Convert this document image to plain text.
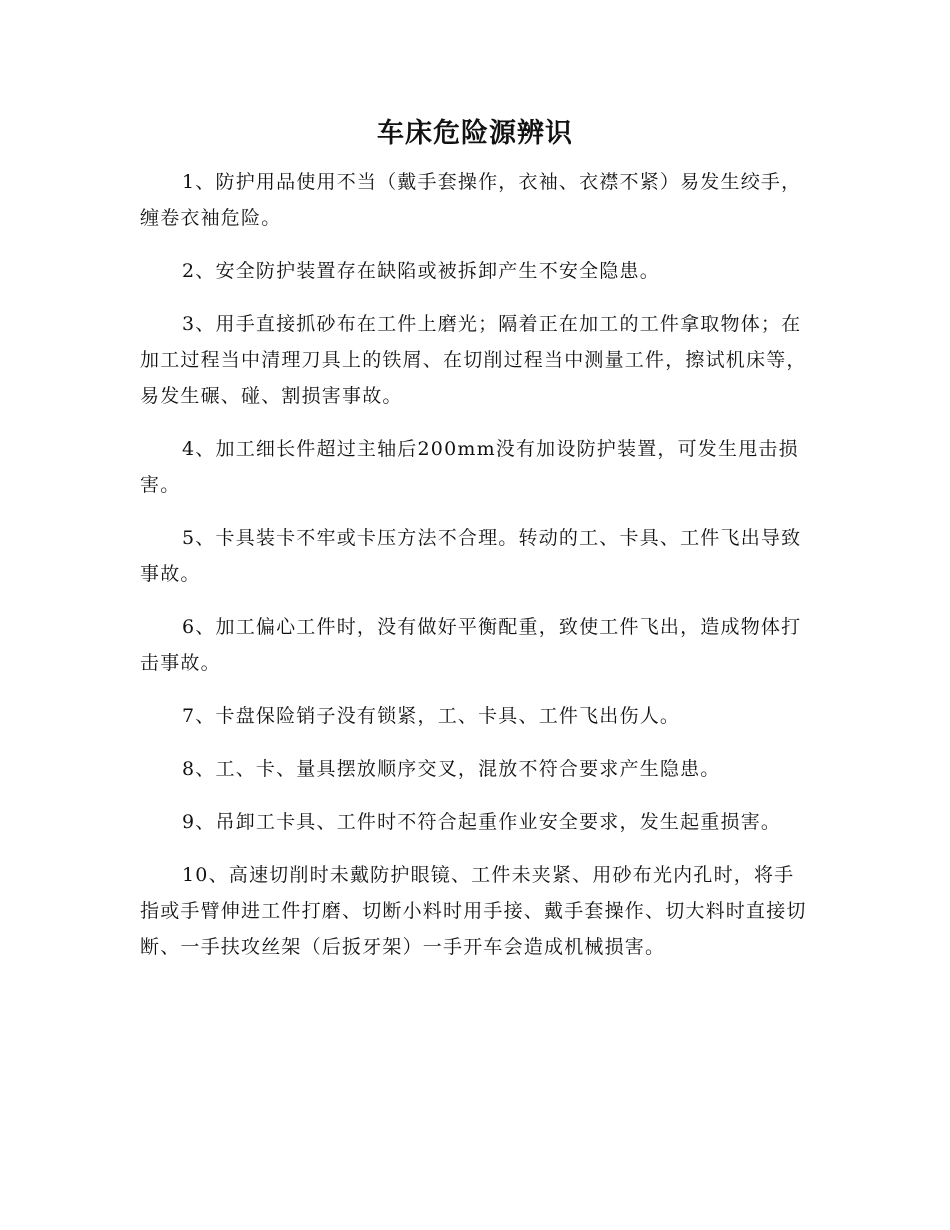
车床危险源辨识

1、防护用品使用不当（戴手套操作，衣袖、衣襟不紧）易发生绞手，缠卷衣袖危险。

2、安全防护装置存在缺陷或被拆卸产生不安全隐患。

3、用手直接抓砂布在工件上磨光；隔着正在加工的工件拿取物体；在加工过程当中清理刀具上的铁屑、在切削过程当中测量工件，擦试机床等，易发生碾、碰、割损害事故。

4、加工细长件超过主轴后200mm没有加设防护装置，可发生甩击损害。

5、卡具装卡不牢或卡压方法不合理。转动的工、卡具、工件飞出导致事故。

6、加工偏心工件时，没有做好平衡配重，致使工件飞出，造成物体打击事故。

7、卡盘保险销子没有锁紧，工、卡具、工件飞出伤人。

8、工、卡、量具摆放顺序交叉，混放不符合要求产生隐患。

9、吊卸工卡具、工件时不符合起重作业安全要求，发生起重损害。

10、高速切削时未戴防护眼镜、工件未夹紧、用砂布光内孔时，将手指或手臂伸进工件打磨、切断小料时用手接、戴手套操作、切大料时直接切断、一手扶攻丝架（后扳牙架）一手开车会造成机械损害。
